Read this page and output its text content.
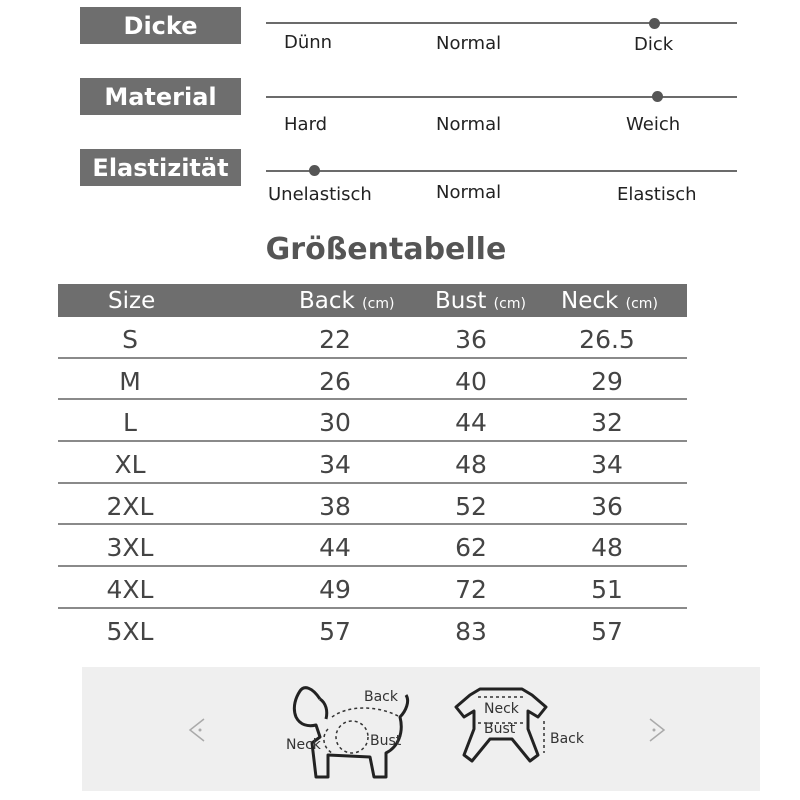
Dicke
Dünn	Normal	Dick
Material
Hard	Normal	Weich
Elastizität
Unelastisch	Normal	Elastisch
Größentabelle
Size	Back (cm) Bust (cm) Neck (cm)
S	22	36	26.5
M	26	40	29
L	30	44	32
XL	34	48	34
2XL	38	52	36
3XL	44	62	48
4XL	49	72	51
5XL	57	83	57
Back
Neck	Bust
Neck
Bust
Back
